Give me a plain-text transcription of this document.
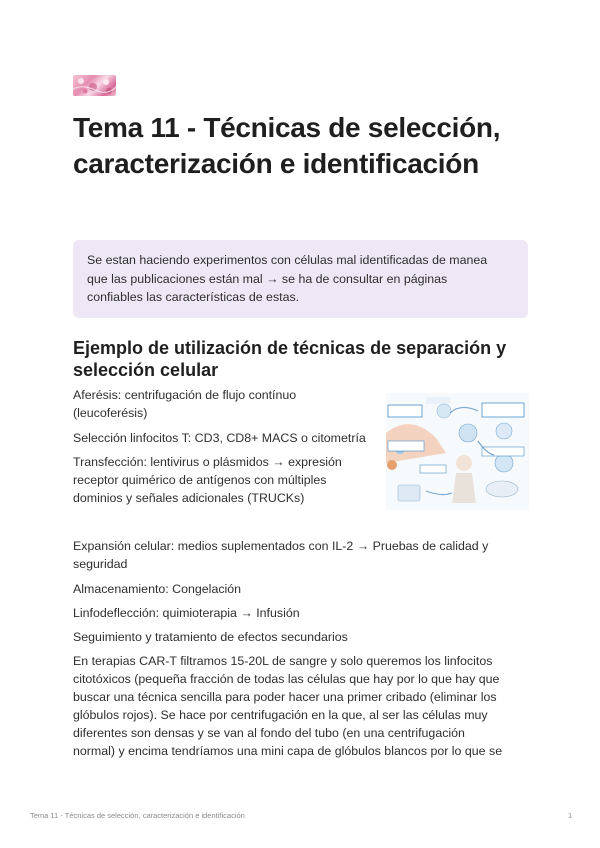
Tema 11 - Técnicas de selección, caracterización e identificación
Se estan haciendo experimentos con células mal identificadas de manea
que las publicaciones están mal → se ha de consultar en páginas
confiables las características de estas.
Ejemplo de utilización de técnicas de separación y
selección celular

Aferésis: centrifugación de flujo contínuo
(leucoferésis)

Selección linfocitos T: CD3, CD8+ MACS o citometría

Transfección: lentivirus o plásmidos → expresión
receptor quimérico de antígenos con múltiples
dominios y señales adicionales (TRUCKs)

Expansión celular: medios suplementados con IL-2 → Pruebas de calidad y
seguridad

Almacenamiento: Congelación

Linfodeflección: quimioterapia → Infusión

Seguimiento y tratamiento de efectos secundarios

En terapias CAR-T filtramos 15-20L de sangre y solo queremos los linfocitos
citotóxicos (pequeña fracción de todas las células que hay por lo que hay que
buscar una técnica sencilla para poder hacer una primer cribado (eliminar los
glóbulos rojos). Se hace por centrifugación en la que, al ser las células muy
diferentes son densas y se van al fondo del tubo (en una centrifugación
normal) y encima tendríamos una mini capa de glóbulos blancos por lo que se

Tema 11 - Técnicas de selección, caracterización e identificación	1
